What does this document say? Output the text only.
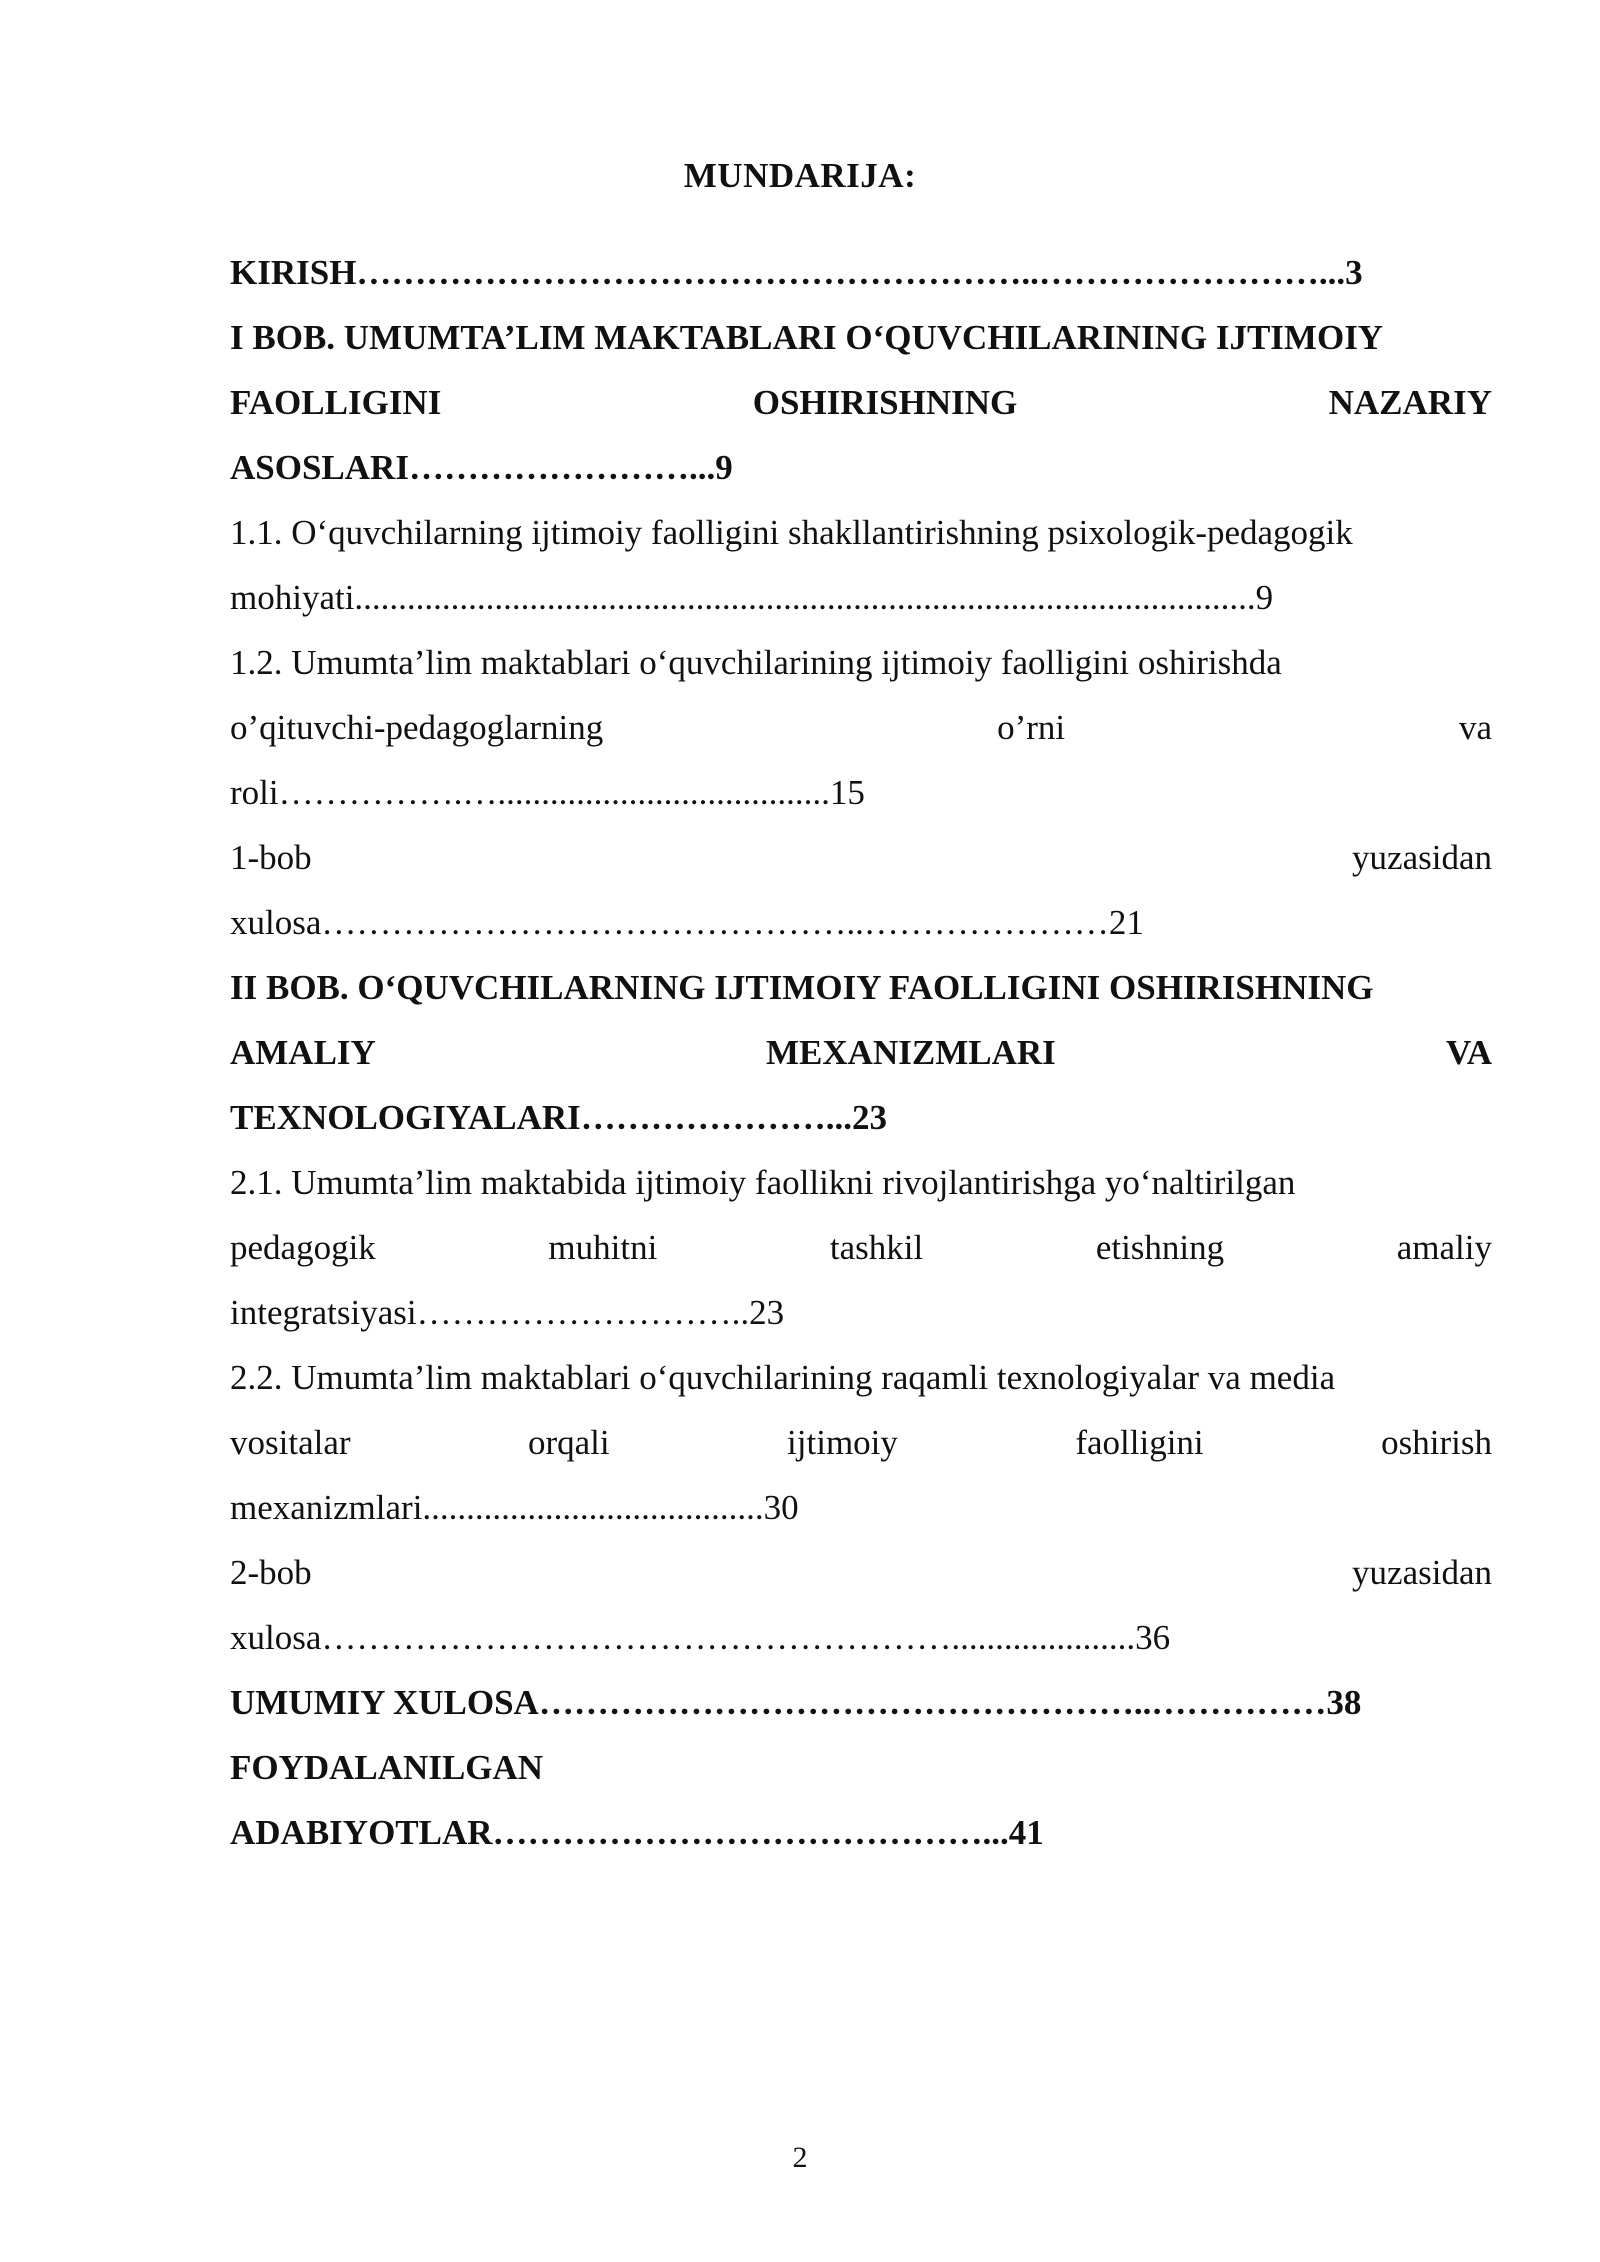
MUNDARIJA:
KIRISH…………………………………………………..……………………...3
I BOB. UMUMTA’LIM MAKTABLARI O‘QUVCHILARINING IJTIMOIY
FAOLLIGINI	OSHIRISHNING	NAZARIY
ASOSLARI……………………...9
1.1. O‘quvchilarning ijtimoiy faolligini shakllantirishning psixologik-pedagogik
mohiyati.......................................................................................................9
1.2. Umumta’lim maktablari o‘quvchilarining ijtimoiy faolligini oshirishda
o’qituvchi-pedagoglarning	o’rni	va
roli…………….…......................................15
1-bob	yuzasidan
xulosa………………………………………..…………………21
II BOB. O‘QUVCHILARNING IJTIMOIY FAOLLIGINI OSHIRISHNING
AMALIY	MEXANIZMLARI	VA
TEXNOLOGIYALARI…………………...23
2.1. Umumta’lim maktabida ijtimoiy faollikni rivojlantirishga yo‘naltirilgan
pedagogik	muhitni	tashkil	etishning	amaliy
integratsiyasi………………………..23
2.2. Umumta’lim maktablari o‘quvchilarining raqamli texnologiyalar va media
vositalar	orqali	ijtimoiy	faolligini	oshirish
mexanizmlari.......................................30
2-bob	yuzasidan
xulosa……………………………………………….....................36
UMUMIY XULOSA……………………………………………..……………38
FOYDALANILGAN
ADABIYOTLAR……………………………………...41
2
